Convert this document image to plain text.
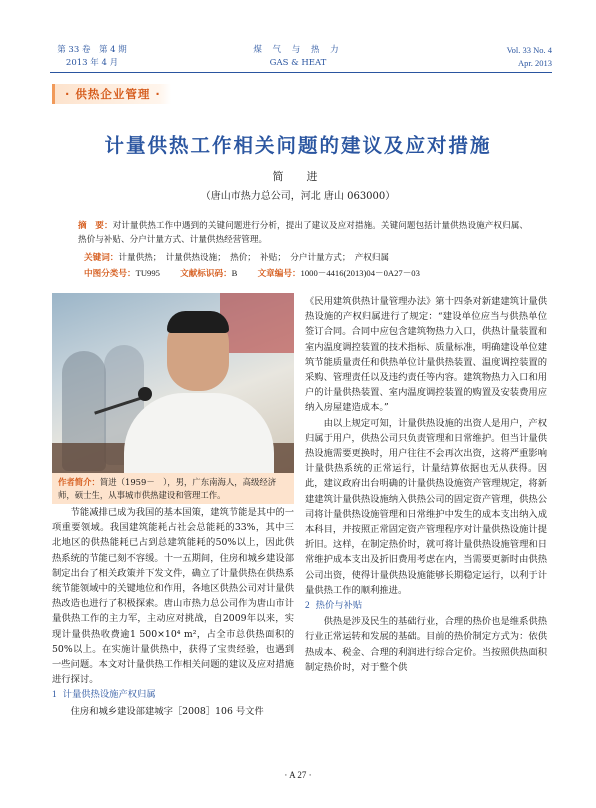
第 33 卷　第 4 期
2013 年 4 月
煤 气 与 热 力
GAS & HEAT
Vol. 33 No. 4
Apr. 2013
· 供热企业管理 ·
计量供热工作相关问题的建议及应对措施
简　进
（唐山市热力总公司，河北 唐山 063000）
摘　要：对计量供热工作中遇到的关键问题进行分析，提出了建议及应对措施。关键问题包括计量供热设施产权归属、热价与补贴、分户计量方式、计量供热经营管理。
关键词：计量供热；　计量供热设施；　热价；　补贴；　分户计量方式；　产权归属
中图分类号：TU995 文献标识码：B 文章编号：1000－4416(2013)04－0A27－03
作者简介：简进（1959－　），男，广东南海人，高级经济师，硕士生，从事城市供热建设和管理工作。

节能减排已成为我国的基本国策，建筑节能是其中的一项重要领域。我国建筑能耗占社会总能耗的33%，其中三北地区的供热能耗已占到总建筑能耗的50%以上，因此供热系统的节能已刻不容缓。十一五期间，住房和城乡建设部制定出台了相关政策并下发文件，确立了计量供热在供热系统节能领域中的关键地位和作用，各地区供热公司对计量供热改造也进行了积极探索。唐山市热力总公司作为唐山市计量供热工作的主力军，主动应对挑战，自2009年以来，实现计量供热收费逾1 500×10⁴ m²，占全市总供热面积的50%以上。在实施计量供热中，获得了宝贵经验，也遇到一些问题。本文对计量供热工作相关问题的建议及应对措施进行探讨。

1 计量供热设施产权归属

住房和城乡建设部建城字［2008］106 号文件

《民用建筑供热计量管理办法》第十四条对新建建筑计量供热设施的产权归属进行了规定：“建设单位应当与供热单位签订合同。合同中应包含建筑物热力入口，供热计量装置和室内温度调控装置的技术指标、质量标准，明确建设单位建筑节能质量责任和供热单位计量供热装置、温度调控装置的采购、管理责任以及违约责任等内容。建筑物热力入口和用户的计量供热装置、室内温度调控装置的购置及安装费用应纳入房屋建造成本。”

由以上规定可知，计量供热设施的出资人是用户，产权归属于用户，供热公司只负责管理和日常维护。但当计量供热设施需要更换时，用户往往不会再次出资，这将严重影响计量供热系统的正常运行，计量结算依据也无从获得。因此，建议政府出台明确的计量供热设施资产管理规定，将新建建筑计量供热设施纳入供热公司的固定资产管理，供热公司将计量供热设施管理和日常维护中发生的成本支出纳入成本科目，并按照正常固定资产管理程序对计量供热设施计提折旧。这样，在制定热价时，就可将计量供热设施管理和日常维护成本支出及折旧费用考虑在内，当需要更新时由供热公司出资，使得计量供热设施能够长期稳定运行，以利于计量供热工作的顺利推进。

2 热价与补贴

供热是涉及民生的基础行业，合理的热价也是维系供热行业正常运转和发展的基础。目前的热价制定方式为：依供热成本、税金、合理的利润进行综合定价。当按照供热面积制定热价时，对于整个供

· A 27 ·
